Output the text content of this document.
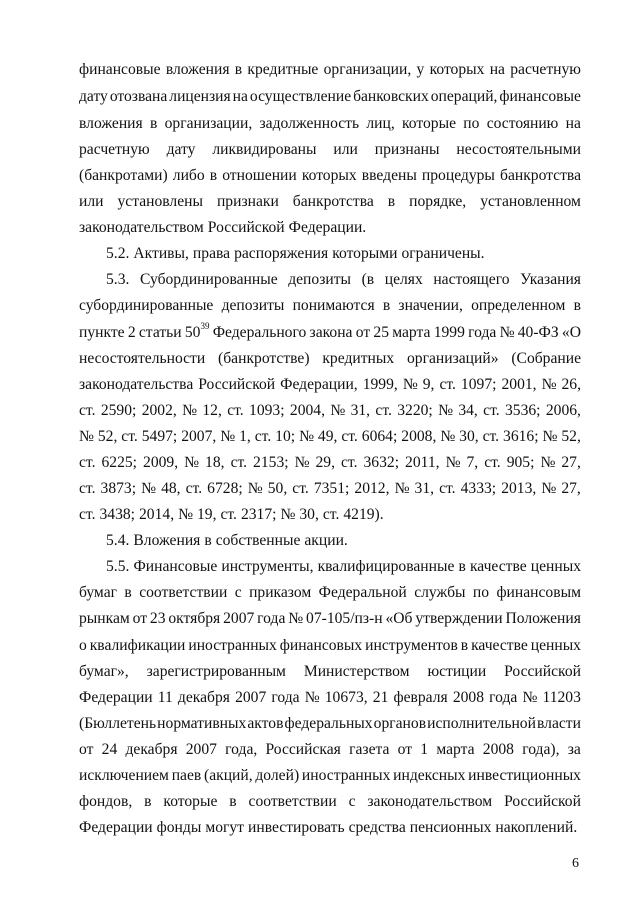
финансовые вложения в кредитные организации, у которых на расчетную
дату отозвана лицензия на осуществление банковских операций, финансовые
вложения в организации, задолженность лиц, которые по состоянию на
расчетную дату ликвидированы или признаны несостоятельными
(банкротами) либо в отношении которых введены процедуры банкротства
или установлены признаки банкротства в порядке, установленном
законодательством Российской Федерации.
5.2. Активы, права распоряжения которыми ограничены.
5.3. Субординированные депозиты (в целях настоящего Указания
субординированные депозиты понимаются в значении, определенном в
пункте 2 статьи $50^{39}$ Федерального закона от 25 марта 1999 года № 40-ФЗ «О
несостоятельности (банкротстве) кредитных организаций» (Собрание
законодательства Российской Федерации, 1999, № 9, ст. 1097; 2001, № 26,
ст. 2590; 2002, № 12, ст. 1093; 2004, № 31, ст. 3220; № 34, ст. 3536; 2006,
№ 52, ст. 5497; 2007, № 1, ст. 10; № 49, ст. 6064; 2008, № 30, ст. 3616; № 52,
ст. 6225; 2009, № 18, ст. 2153; № 29, ст. 3632; 2011, № 7, ст. 905; № 27,
ст. 3873; № 48, ст. 6728; № 50, ст. 7351; 2012, № 31, ст. 4333; 2013, № 27,
ст. 3438; 2014, № 19, ст. 2317; № 30, ст. 4219).
5.4. Вложения в собственные акции.
5.5. Финансовые инструменты, квалифицированные в качестве ценных
бумаг в соответствии с приказом Федеральной службы по финансовым
рынкам от 23 октября 2007 года № 07-105/пз-н «Об утверждении Положения
о квалификации иностранных финансовых инструментов в качестве ценных
бумаг», зарегистрированным Министерством юстиции Российской
Федерации 11 декабря 2007 года № 10673, 21 февраля 2008 года № 11203
(Бюллетень нормативных актов федеральных органов исполнительной власти
от 24 декабря 2007 года, Российская газета от 1 марта 2008 года), за
исключением паев (акций, долей) иностранных индексных инвестиционных
фондов, в которые в соответствии с законодательством Российской
Федерации фонды могут инвестировать средства пенсионных накоплений.
6
